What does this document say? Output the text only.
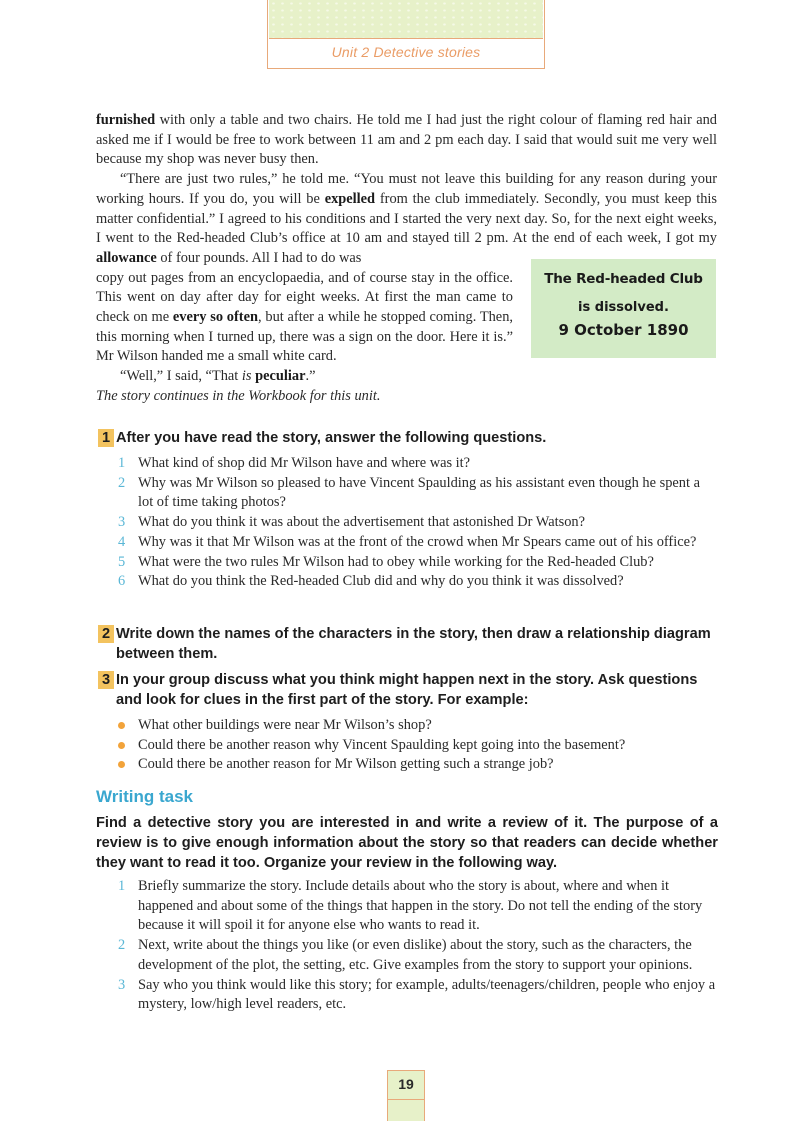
Unit 2 Detective stories

furnished with only a table and two chairs. He told me I had just the right colour of flaming red hair and asked me if I would be free to work between 11 am and 2 pm each day. I said that would suit me very well because my shop was never busy then.

“There are just two rules,” he told me. “You must not leave this building for any reason during your working hours. If you do, you will be expelled from the club immediately. Secondly, you must keep this matter confidential.” I agreed to his conditions and I started the very next day. So, for the next eight weeks, I went to the Red-headed Club’s office at 10 am and stayed till 2 pm. At the end of each week, I got my allowance of four pounds. All I had to do was

copy out pages from an encyclopaedia, and of course stay in the office. This went on day after day for eight weeks. At first the man came to check on me every so often, but after a while he stopped coming. Then, this morning when I turned up, there was a sign on the door. Here it is.” Mr Wilson handed me a small white card.

“Well,” I said, “That is peculiar.”

The story continues in the Workbook for this unit.

The Red-headed Club
is dissolved.
9 October 1890
1 After you have read the story, answer the following questions.
1 What kind of shop did Mr Wilson have and where was it?
2 Why was Mr Wilson so pleased to have Vincent Spaulding as his assistant even though he spent a lot of time taking photos?
3 What do you think it was about the advertisement that astonished Dr Watson?
4 Why was it that Mr Wilson was at the front of the crowd when Mr Spears came out of his office?
5 What were the two rules Mr Wilson had to obey while working for the Red-headed Club?
6 What do you think the Red-headed Club did and why do you think it was dissolved?
2 Write down the names of the characters in the story, then draw a relationship diagram between them.
3 In your group discuss what you think might happen next in the story. Ask questions and look for clues in the first part of the story. For example:
What other buildings were near Mr Wilson’s shop?
Could there be another reason why Vincent Spaulding kept going into the basement?
Could there be another reason for Mr Wilson getting such a strange job?
Writing task
Find a detective story you are interested in and write a review of it. The purpose of a review is to give enough information about the story so that readers can decide whether they want to read it too. Organize your review in the following way.
1 Briefly summarize the story. Include details about who the story is about, where and when it happened and about some of the things that happen in the story. Do not tell the ending of the story because it will spoil it for anyone else who wants to read it.
2 Next, write about the things you like (or even dislike) about the story, such as the characters, the development of the plot, the setting, etc. Give examples from the story to support your opinions.
3 Say who you think would like this story; for example, adults/teenagers/children, people who enjoy a mystery, low/high level readers, etc.
19
